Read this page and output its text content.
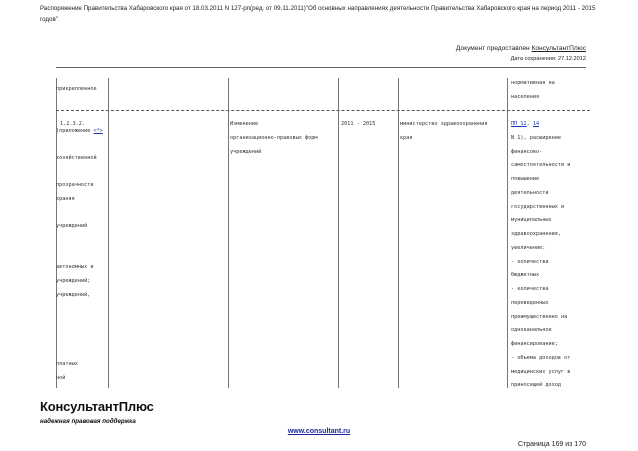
Распоряжение Правительства Хабаровского края от 18.03.2011 N 127-рп(ред. от 09.11.2011)"Об основных направлениях деятельности Правительства Хабаровского края на период 2011 - 2015 годов"
Документ предоставлен КонсультантПлюс
Дата сохранения: 27.12.2012
нормативная на
прикрепленное
населения
1.2.3.2.
(приложение <*>
Изменение
организационно-правовых форм
учреждений
2011 - 2015	министерство здравоохранения
края
ПП 12, 14
хозяйственной
прозрачности
храняя
учреждений
автономных и
учреждений;
учреждений,
платных
ной
N 1), расширение
финансово-
самостоятельности и
повышение
деятельности
государственных и
муниципальных
здравоохранения,
увеличение:
- количества
бюджетных
- количества
переведенных
преимущественно на
одноканальное
финансирование;
- объема доходов от
медицинских услуг в
приносящей доход
КонсультантПлюс
надежная правовая поддержка
www.consultant.ru
Страница 169 из 170
